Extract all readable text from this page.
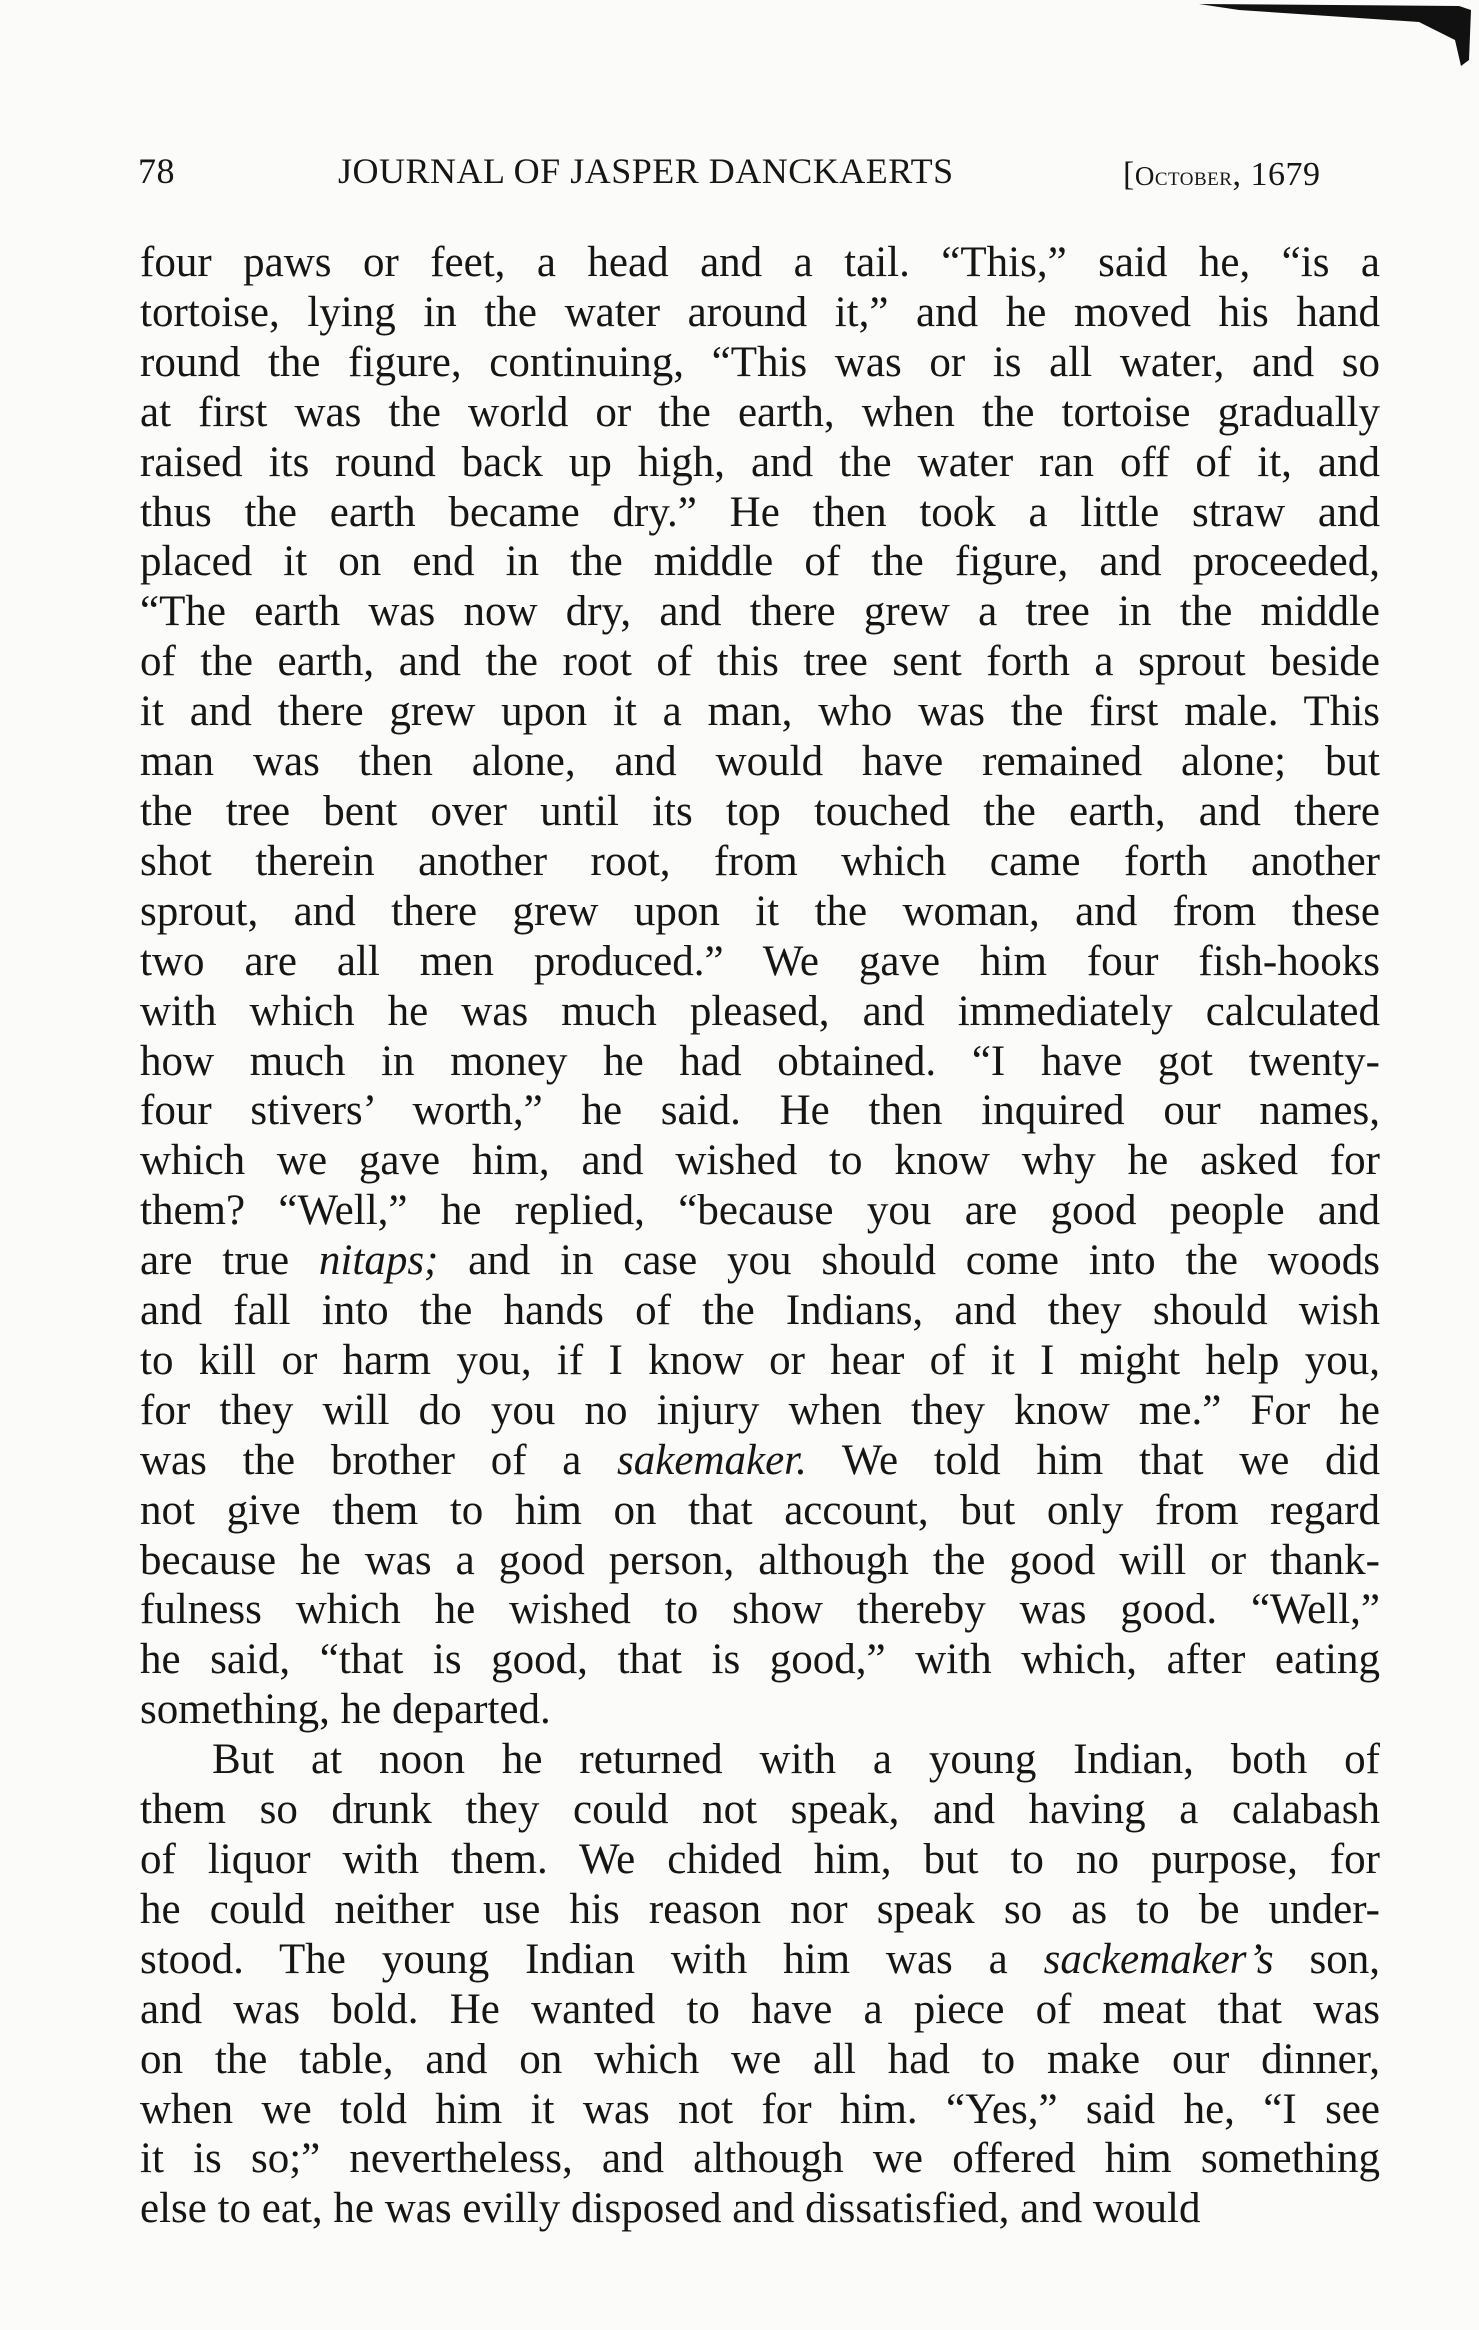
78	JOURNAL OF JASPER DANCKAERTS	[October, 1679
four paws or feet, a head and a tail. “This,” said he, “is a
tortoise, lying in the water around it,” and he moved his hand
round the figure, continuing, “This was or is all water, and so
at first was the world or the earth, when the tortoise gradually
raised its round back up high, and the water ran off of it, and
thus the earth became dry.” He then took a little straw and
placed it on end in the middle of the figure, and proceeded,
“The earth was now dry, and there grew a tree in the middle
of the earth, and the root of this tree sent forth a sprout beside
it and there grew upon it a man, who was the first male. This
man was then alone, and would have remained alone; but
the tree bent over until its top touched the earth, and there
shot therein another root, from which came forth another
sprout, and there grew upon it the woman, and from these
two are all men produced.” We gave him four fish-hooks
with which he was much pleased, and immediately calculated
how much in money he had obtained. “I have got twenty-
four stivers’ worth,” he said. He then inquired our names,
which we gave him, and wished to know why he asked for
them? “Well,” he replied, “because you are good people and
are true nitaps; and in case you should come into the woods
and fall into the hands of the Indians, and they should wish
to kill or harm you, if I know or hear of it I might help you,
for they will do you no injury when they know me.” For he
was the brother of a sakemaker. We told him that we did
not give them to him on that account, but only from regard
because he was a good person, although the good will or thank-
fulness which he wished to show thereby was good. “Well,”
he said, “that is good, that is good,” with which, after eating
something, he departed.
But at noon he returned with a young Indian, both of
them so drunk they could not speak, and having a calabash
of liquor with them. We chided him, but to no purpose, for
he could neither use his reason nor speak so as to be under-
stood. The young Indian with him was a sackemaker’s son,
and was bold. He wanted to have a piece of meat that was
on the table, and on which we all had to make our dinner,
when we told him it was not for him. “Yes,” said he, “I see
it is so;” nevertheless, and although we offered him something
else to eat, he was evilly disposed and dissatisfied, and would
